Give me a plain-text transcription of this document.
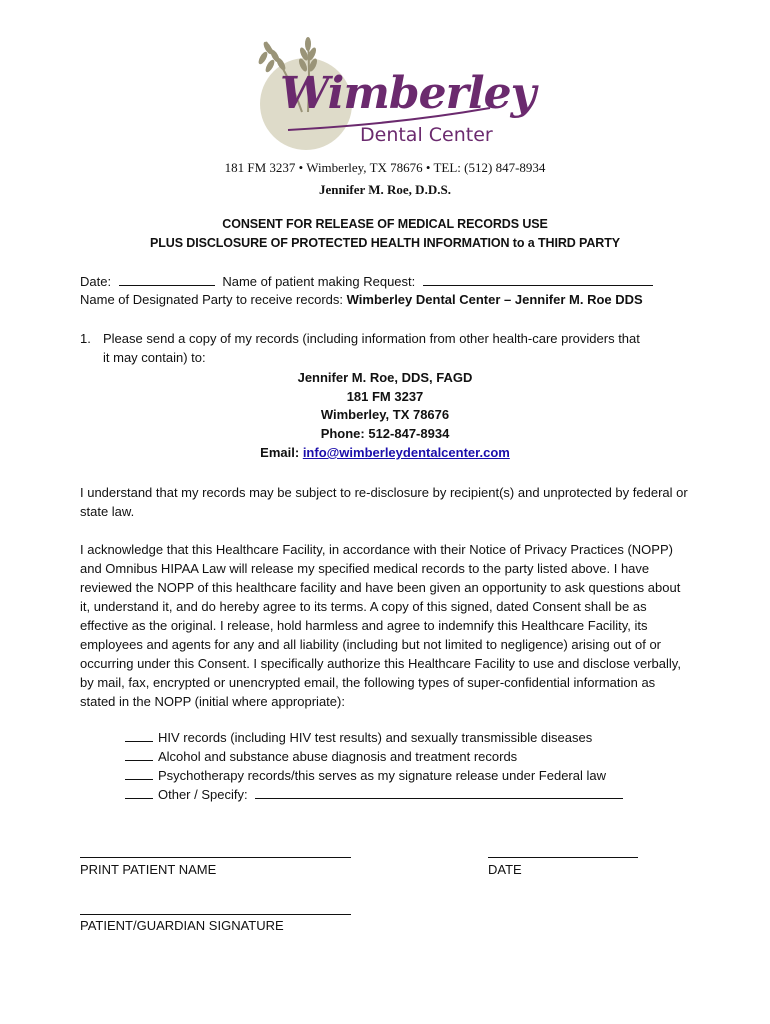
Wimberley
Dental Center
181 FM 3237 • Wimberley, TX 78676 • TEL: (512) 847-8934
Jennifer M. Roe, D.D.S.
CONSENT FOR RELEASE OF MEDICAL RECORDS USE
PLUS DISCLOSURE OF PROTECTED HEALTH INFORMATION to a THIRD PARTY
Date:	Name of patient making Request:
Name of Designated Party to receive records: Wimberley Dental Center – Jennifer M. Roe DDS
1. Please send a copy of my records (including information from other health-care providers that
it may contain) to:
Jennifer M. Roe, DDS, FAGD
181 FM 3237
Wimberley, TX 78676
Phone: 512-847-8934
Email: info@wimberleydentalcenter.com

I understand that my records may be subject to re-disclosure by recipient(s) and unprotected by federal or state law.

I acknowledge that this Healthcare Facility, in accordance with their Notice of Privacy Practices (NOPP) and Omnibus HIPAA Law will release my specified medical records to the party listed above. I have reviewed the NOPP of this healthcare facility and have been given an opportunity to ask questions about it, understand it, and do hereby agree to its terms. A copy of this signed, dated Consent shall be as effective as the original. I release, hold harmless and agree to indemnify this Healthcare Facility, its employees and agents for any and all liability (including but not limited to negligence) arising out of or occurring under this Consent. I specifically authorize this Healthcare Facility to use and disclose verbally, by mail, fax, encrypted or unencrypted email, the following types of super-confidential information as stated in the NOPP (initial where appropriate):

HIV records (including HIV test results) and sexually transmissible diseases
Alcohol and substance abuse diagnosis and treatment records
Psychotherapy records/this serves as my signature release under Federal law
Other / Specify:
PRINT PATIENT NAME	DATE
PATIENT/GUARDIAN SIGNATURE
